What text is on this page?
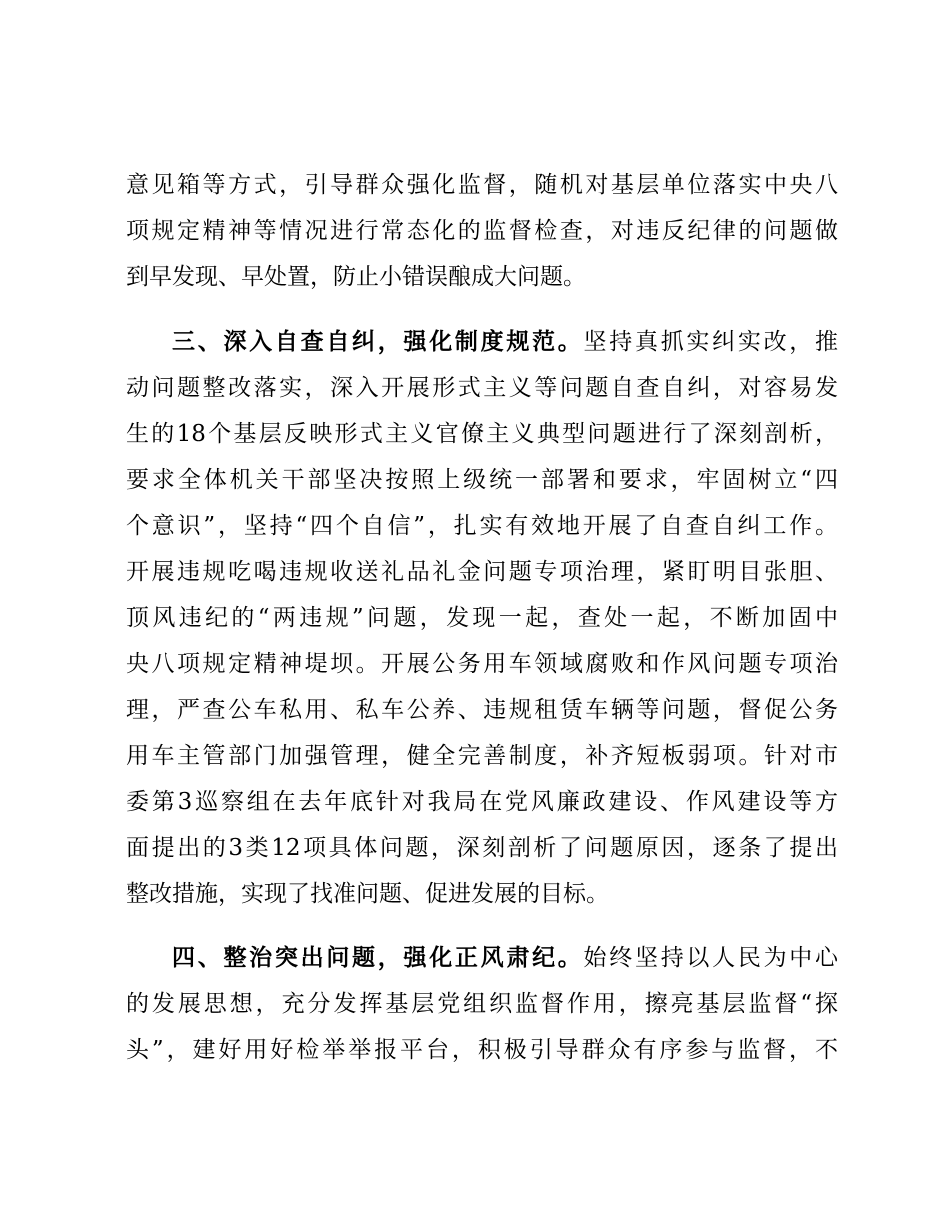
意见箱等方式，引导群众强化监督，随机对基层单位落实中央八
项规定精神等情况进行常态化的监督检查，对违反纪律的问题做
到早发现、早处置，防止小错误酿成大问题。
三、深入自查自纠，强化制度规范。坚持真抓实纠实改，推
动问题整改落实，深入开展形式主义等问题自查自纠，对容易发
生的18个基层反映形式主义官僚主义典型问题进行了深刻剖析，
要求全体机关干部坚决按照上级统一部署和要求，牢固树立“四
个意识”，坚持“四个自信”，扎实有效地开展了自查自纠工作。
开展违规吃喝违规收送礼品礼金问题专项治理，紧盯明目张胆、
顶风违纪的“两违规”问题，发现一起，查处一起，不断加固中
央八项规定精神堤坝。开展公务用车领域腐败和作风问题专项治
理，严查公车私用、私车公养、违规租赁车辆等问题，督促公务
用车主管部门加强管理，健全完善制度，补齐短板弱项。针对市
委第3巡察组在去年底针对我局在党风廉政建设、作风建设等方
面提出的3类12项具体问题，深刻剖析了问题原因，逐条了提出
整改措施，实现了找准问题、促进发展的目标。
四、整治突出问题，强化正风肃纪。始终坚持以人民为中心
的发展思想，充分发挥基层党组织监督作用，擦亮基层监督“探
头”，建好用好检举举报平台，积极引导群众有序参与监督，不
